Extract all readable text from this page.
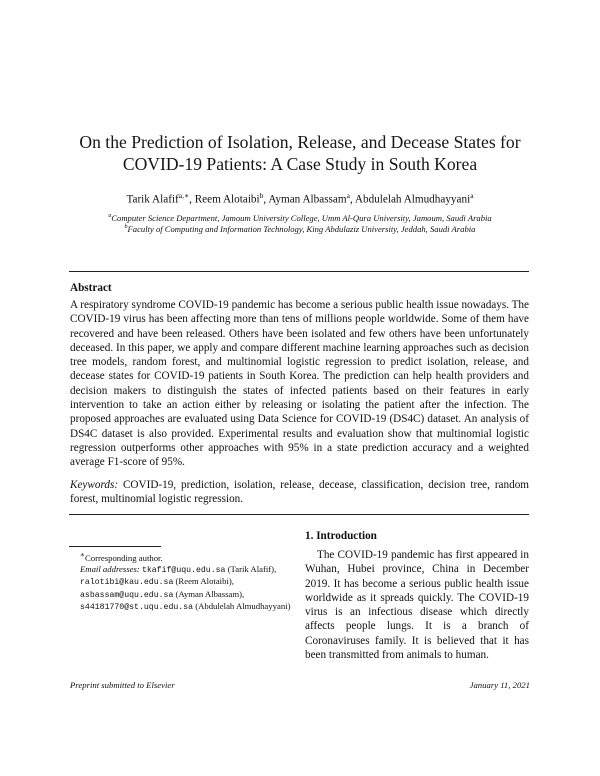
On the Prediction of Isolation, Release, and Decease States for
COVID-19 Patients: A Case Study in South Korea
Tarik Alafif$^{a,∗}$, Reem Alotaibi$^b$, Ayman Albassam$^a$, Abdulelah Almudhayyani$^a$
$^a$Computer Science Department, Jamoum University College, Umm Al-Qura University, Jamoum, Saudi Arabia
$^b$Faculty of Computing and Information Technology, King Abdulaziz University, Jeddah, Saudi Arabia
Abstract
A respiratory syndrome COVID-19 pandemic has become a serious public health issue nowadays. The COVID-19 virus has been affecting more than tens of millions people worldwide. Some of them have recovered and have been released. Others have been isolated and few others have been unfortunately deceased. In this paper, we apply and compare different machine learning approaches such as decision tree models, random forest, and multinomial logistic regression to predict isolation, release, and decease states for COVID-19 patients in South Korea. The prediction can help health providers and decision makers to distinguish the states of infected patients based on their features in early intervention to take an action either by releasing or isolating the patient after the infection. The proposed approaches are evaluated using Data Science for COVID-19 (DS4C) dataset. An analysis of DS4C dataset is also provided. Experimental results and evaluation show that multinomial logistic regression outperforms other approaches with 95% in a state prediction accuracy and a weighted average F1-score of 95%.
Keywords: COVID-19, prediction, isolation, release, decease, classification, decision tree, random forest, multinomial logistic regression.
∗Corresponding author.
Email addresses: tkafif@uqu.edu.sa (Tarik Alafif), ralotibi@kau.edu.sa (Reem Alotaibi), asbassam@uqu.edu.sa (Ayman Albassam), s44181770@st.uqu.edu.sa (Abdulelah Almudhayyani)
1. Introduction
The COVID-19 pandemic has first appeared in Wuhan, Hubei province, China in December 2019. It has become a serious public health issue worldwide as it spreads quickly. The COVID-19 virus is an infectious disease which directly affects people lungs. It is a branch of Coronaviruses family. It is believed that it has been transmitted from animals to human.
Preprint submitted to Elsevier	January 11, 2021
